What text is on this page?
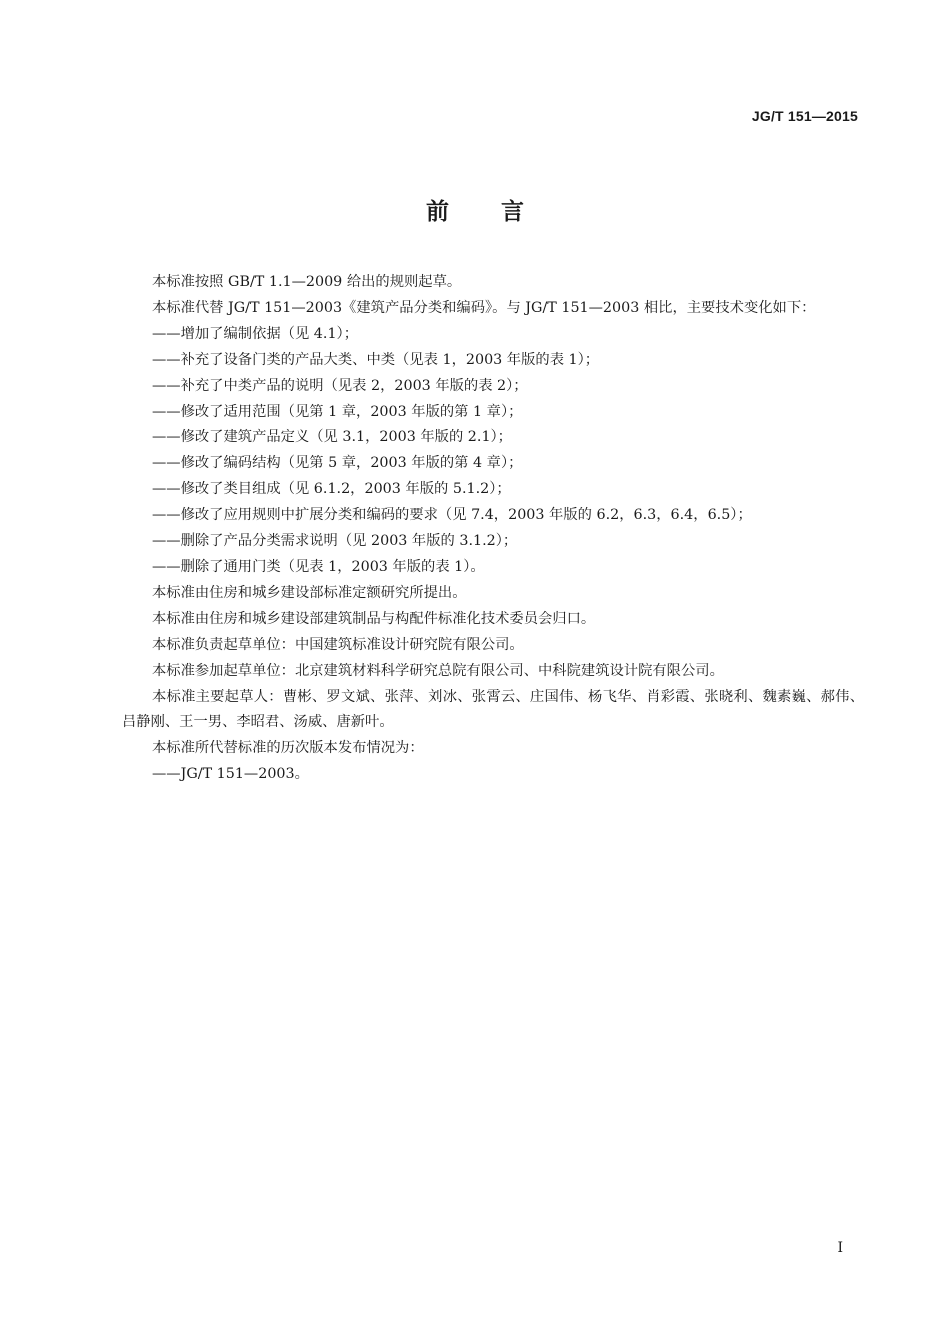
JG/T 151—2015
前言

本标准按照 GB/T 1.1—2009 给出的规则起草。

本标准代替 JG/T 151—2003《建筑产品分类和编码》。与 JG/T 151—2003 相比，主要技术变化如下：

——增加了编制依据（见 4.1）；

——补充了设备门类的产品大类、中类（见表 1，2003 年版的表 1）；

——补充了中类产品的说明（见表 2，2003 年版的表 2）；

——修改了适用范围（见第 1 章，2003 年版的第 1 章）；

——修改了建筑产品定义（见 3.1，2003 年版的 2.1）；

——修改了编码结构（见第 5 章，2003 年版的第 4 章）；

——修改了类目组成（见 6.1.2，2003 年版的 5.1.2）；

——修改了应用规则中扩展分类和编码的要求（见 7.4，2003 年版的 6.2，6.3，6.4，6.5）；

——删除了产品分类需求说明（见 2003 年版的 3.1.2）；

——删除了通用门类（见表 1，2003 年版的表 1）。

本标准由住房和城乡建设部标准定额研究所提出。

本标准由住房和城乡建设部建筑制品与构配件标准化技术委员会归口。

本标准负责起草单位：中国建筑标准设计研究院有限公司。

本标准参加起草单位：北京建筑材料科学研究总院有限公司、中科院建筑设计院有限公司。

本标准主要起草人：曹彬、罗文斌、张萍、刘冰、张霄云、庄国伟、杨飞华、肖彩霞、张晓利、魏素巍、郝伟、吕静刚、王一男、李昭君、汤威、唐新叶。

本标准所代替标准的历次版本发布情况为：

——JG/T 151—2003。

I
